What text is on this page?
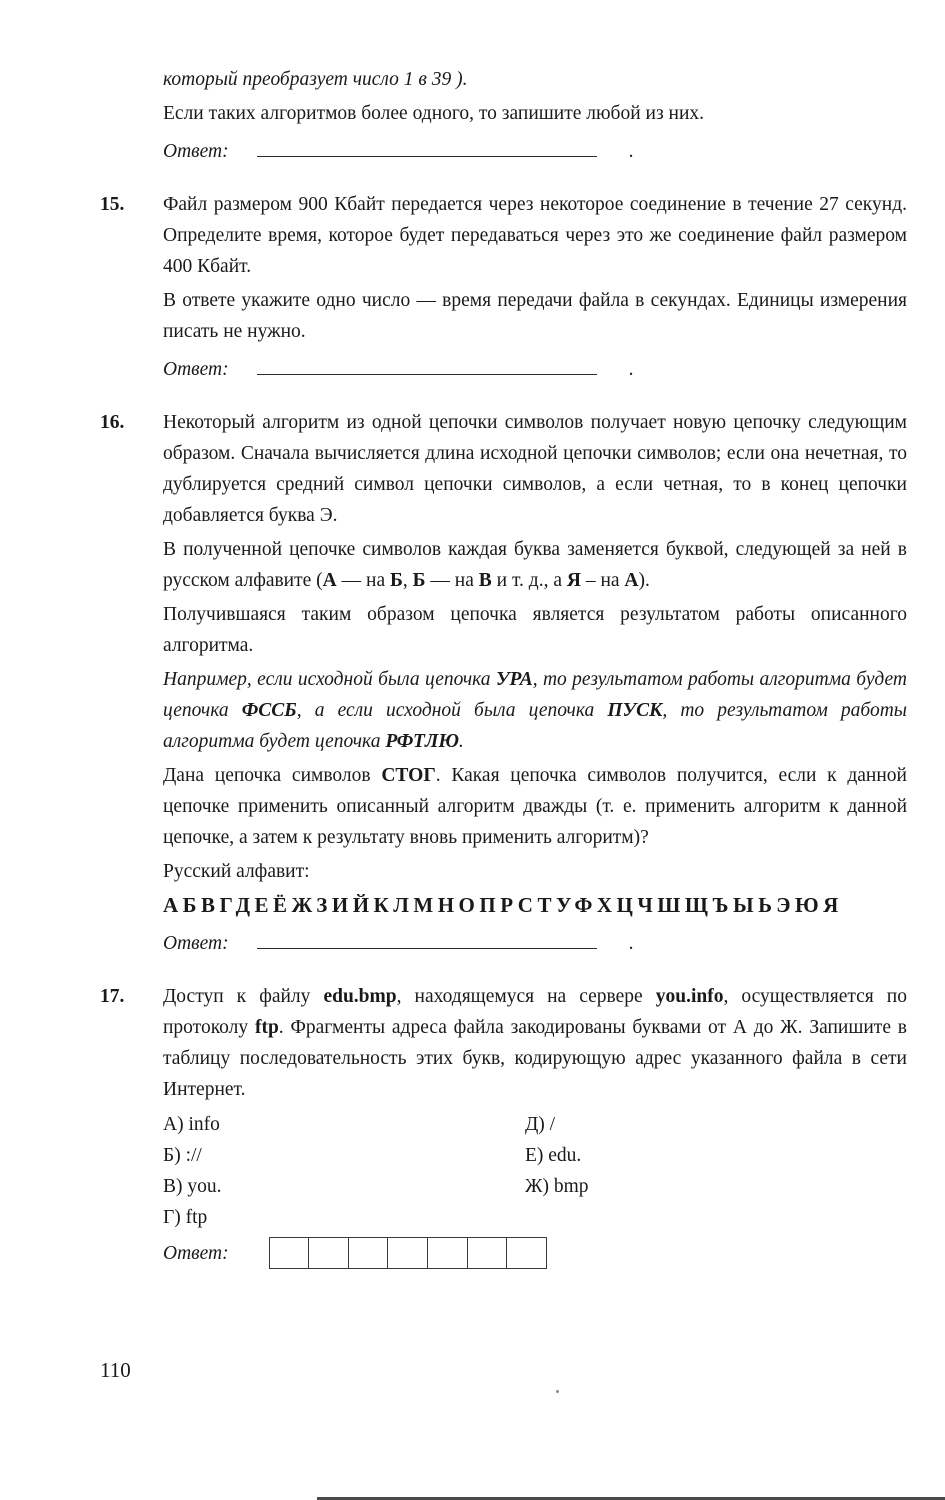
который преобразует число 1 в 39 ).

Если таких алгоритмов более одного, то запишите любой из них.

Ответ:	.
15.	Файл размером 900 Кбайт передается через некоторое соединение в течение 27 секунд. Определите время, которое будет передаваться через это же соединение файл размером 400 Кбайт.

В ответе укажите одно число — время передачи файла в секундах. Единицы измерения писать не нужно.

Ответ:	.
16.	Некоторый алгоритм из одной цепочки символов получает новую цепочку следующим образом. Сначала вычисляется длина исходной цепочки символов; если она нечетная, то дублируется средний символ цепочки символов, а если четная, то в конец цепочки добавляется буква Э.

В полученной цепочке символов каждая буква заменяется буквой, следующей за ней в русском алфавите (А — на Б, Б — на В и т. д., а Я – на А).

Получившаяся таким образом цепочка является результатом работы описанного алгоритма.

Например, если исходной была цепочка УРА, то результатом работы алгоритма будет цепочка ФССБ, а если исходной была цепочка ПУСК, то результатом работы алгоритма будет цепочка РФТЛЮ.

Дана цепочка символов СТОГ. Какая цепочка символов получится, если к данной цепочке применить описанный алгоритм дважды (т. е. применить алгоритм к данной цепочке, а затем к результату вновь применить алгоритм)?

Русский алфавит:

АБВГДЕЁЖЗИЙКЛМНОПРСТУФХЦЧШЩЪЫЬЭЮЯ

Ответ:	.
17.	Доступ к файлу edu.bmp, находящемуся на сервере you.info, осуществляется по протоколу ftp. Фрагменты адреса файла закодированы буквами от А до Ж. Запишите в таблицу последовательность этих букв, кодирующую адрес указанного файла в сети Интернет.

А) info
Б) ://
В) you.
Г) ftp
Д) /
Е) edu.
Ж) bmp
Ответ:
110
